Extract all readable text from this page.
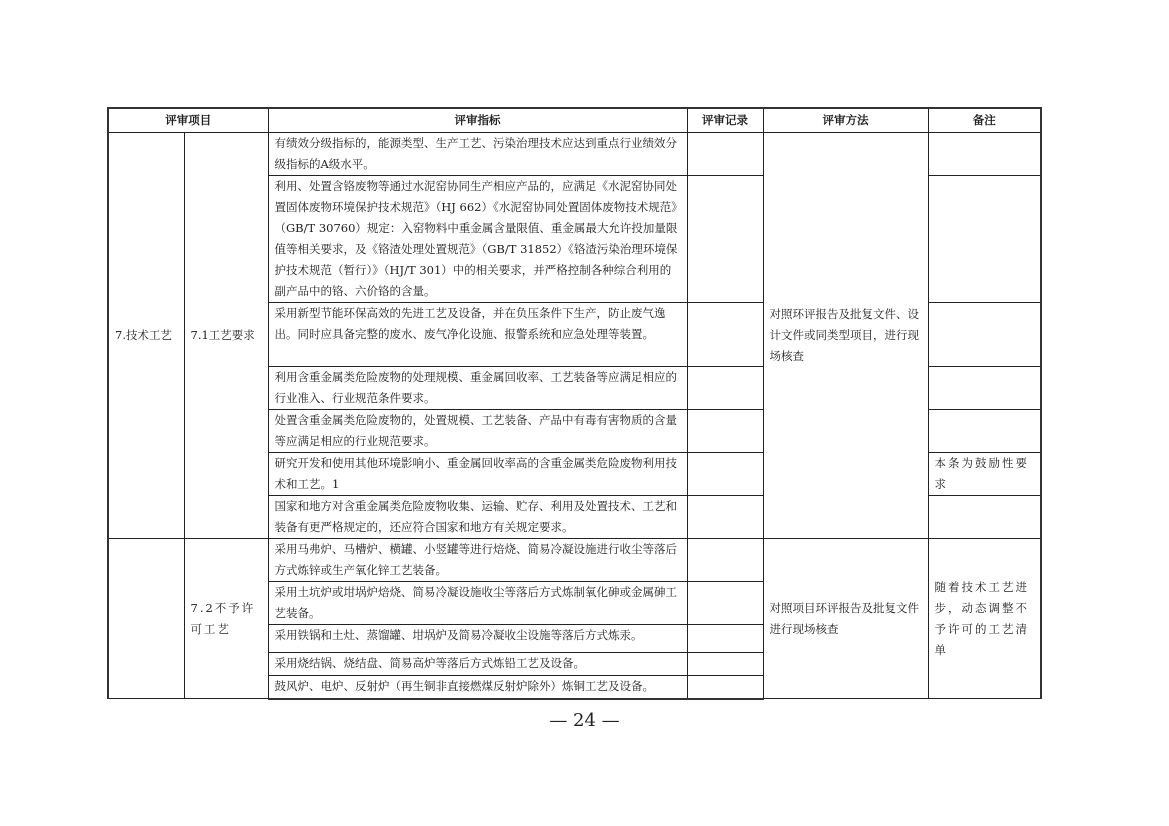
评审项目		评审指标	评审记录	评审方法	备注
7.技术工艺	7.1工艺要求	有绩效分级指标的，能源类型、生产工艺、污染治理技术应达到重点行业绩效分级指标的A级水平。		对照环评报告及批复文件、设计文件或同类型项目，进行现场核查	
		利用、处置含铬废物等通过水泥窑协同生产相应产品的，应满足《水泥窑协同处置固体废物环境保护技术规范》（HJ 662）《水泥窑协同处置固体废物技术规范》（GB/T 30760）规定：入窑物料中重金属含量限值、重金属最大允许投加量限值等相关要求，及《铬渣处理处置规范》（GB/T 31852）《铬渣污染治理环境保护技术规范（暂行）》（HJ/T 301）中的相关要求，并严格控制各种综合利用的副产品中的铬、六价铬的含量。			
		采用新型节能环保高效的先进工艺及设备，并在负压条件下生产，防止废气逸出。同时应具备完整的废水、废气净化设施、报警系统和应急处理等装置。			
		利用含重金属类危险废物的处理规模、重金属回收率、工艺装备等应满足相应的行业准入、行业规范条件要求。			
		处置含重金属类危险废物的，处置规模、工艺装备、产品中有毒有害物质的含量等应满足相应的行业规范要求。			
		研究开发和使用其他环境影响小、重金属回收率高的含重金属类危险废物利用技术和工艺。1			本条为鼓励性要求
		国家和地方对含重金属类危险废物收集、运输、贮存、利用及处置技术、工艺和装备有更严格规定的，还应符合国家和地方有关规定要求。			
	7.2不予许可工艺	采用马弗炉、马槽炉、横罐、小竖罐等进行焙烧、简易冷凝设施进行收尘等落后方式炼锌或生产氧化锌工艺装备。		对照项目环评报告及批复文件进行现场核查	随着技术工艺进步，动态调整不予许可的工艺清单
		采用土坑炉或坩埚炉焙烧、简易冷凝设施收尘等落后方式炼制氧化砷或金属砷工艺装备。			
		采用铁锅和土灶、蒸馏罐、坩埚炉及简易冷凝收尘设施等落后方式炼汞。			
		采用烧结锅、烧结盘、简易高炉等落后方式炼铅工艺及设备。			
		鼓风炉、电炉、反射炉（再生铜非直接燃煤反射炉除外）炼铜工艺及设备。			
— 24 —
